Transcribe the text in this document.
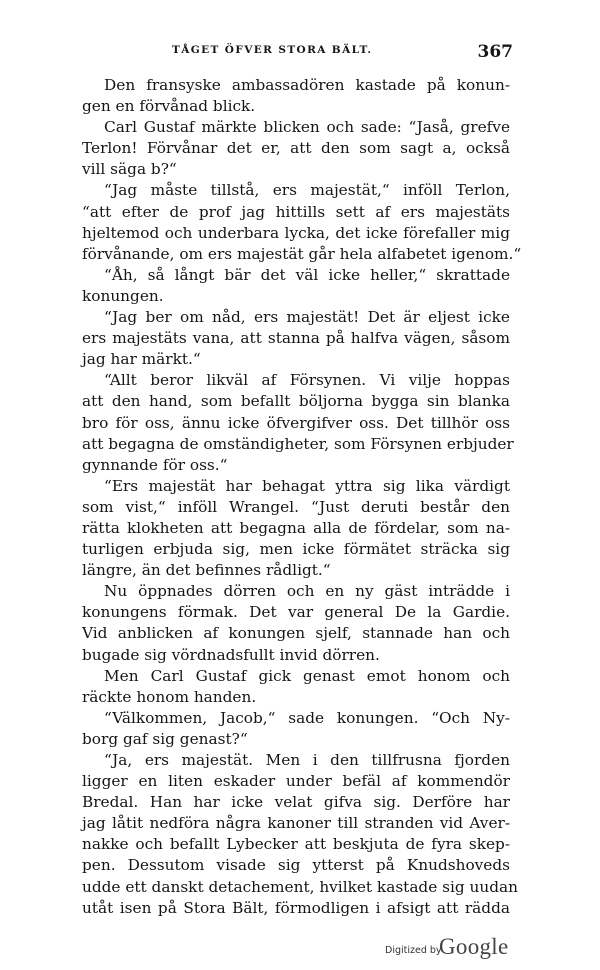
TÅGET ÖFVER STORA BÄLT.	367
Den fransyske ambassadören kastade på konun-
gen en förvånad blick.
Carl Gustaf märkte blicken och sade: “Jaså, grefve
Terlon! Förvånar det er, att den som sagt a, också
vill säga b?“
“Jag måste tillstå, ers majestät,“ inföll Terlon,
“att efter de prof jag hittills sett af ers majestäts
hjeltemod och underbara lycka, det icke förefaller mig
förvånande, om ers majestät går hela alfabetet igenom.“
“Åh, så långt bär det väl icke heller,“ skrattade
konungen.
“Jag ber om nåd, ers majestät! Det är eljest icke
ers majestäts vana, att stanna på halfva vägen, såsom
jag har märkt.“
“Allt beror likväl af Försynen. Vi vilje hoppas
att den hand, som befallt böljorna bygga sin blanka
bro för oss, ännu icke öfvergifver oss. Det tillhör oss
att begagna de omständigheter, som Försynen erbjuder
gynnande för oss.“
“Ers majestät har behagat yttra sig lika värdigt
som vist,“ inföll Wrangel. “Just deruti består den
rätta klokheten att begagna alla de fördelar, som na-
turligen erbjuda sig, men icke förmätet sträcka sig
längre, än det befinnes rådligt.“
Nu öppnades dörren och en ny gäst inträdde i
konungens förmak. Det var general De la Gardie.
Vid anblicken af konungen sjelf, stannade han och
bugade sig vördnadsfullt invid dörren.
Men Carl Gustaf gick genast emot honom och
räckte honom handen.
“Välkommen, Jacob,“ sade konungen. “Och Ny-
borg gaf sig genast?“
“Ja, ers majestät. Men i den tillfrusna fjorden
ligger en liten eskader under befäl af kommendör
Bredal. Han har icke velat gifva sig. Derföre har
jag låtit nedföra några kanoner till stranden vid Aver-
nakke och befallt Lybecker att beskjuta de fyra skep-
pen. Dessutom visade sig ytterst på Knudshoveds
udde ett danskt detachement, hvilket kastade sig uudan
utåt isen på Stora Bält, förmodligen i afsigt att rädda
Digitized by
Google
